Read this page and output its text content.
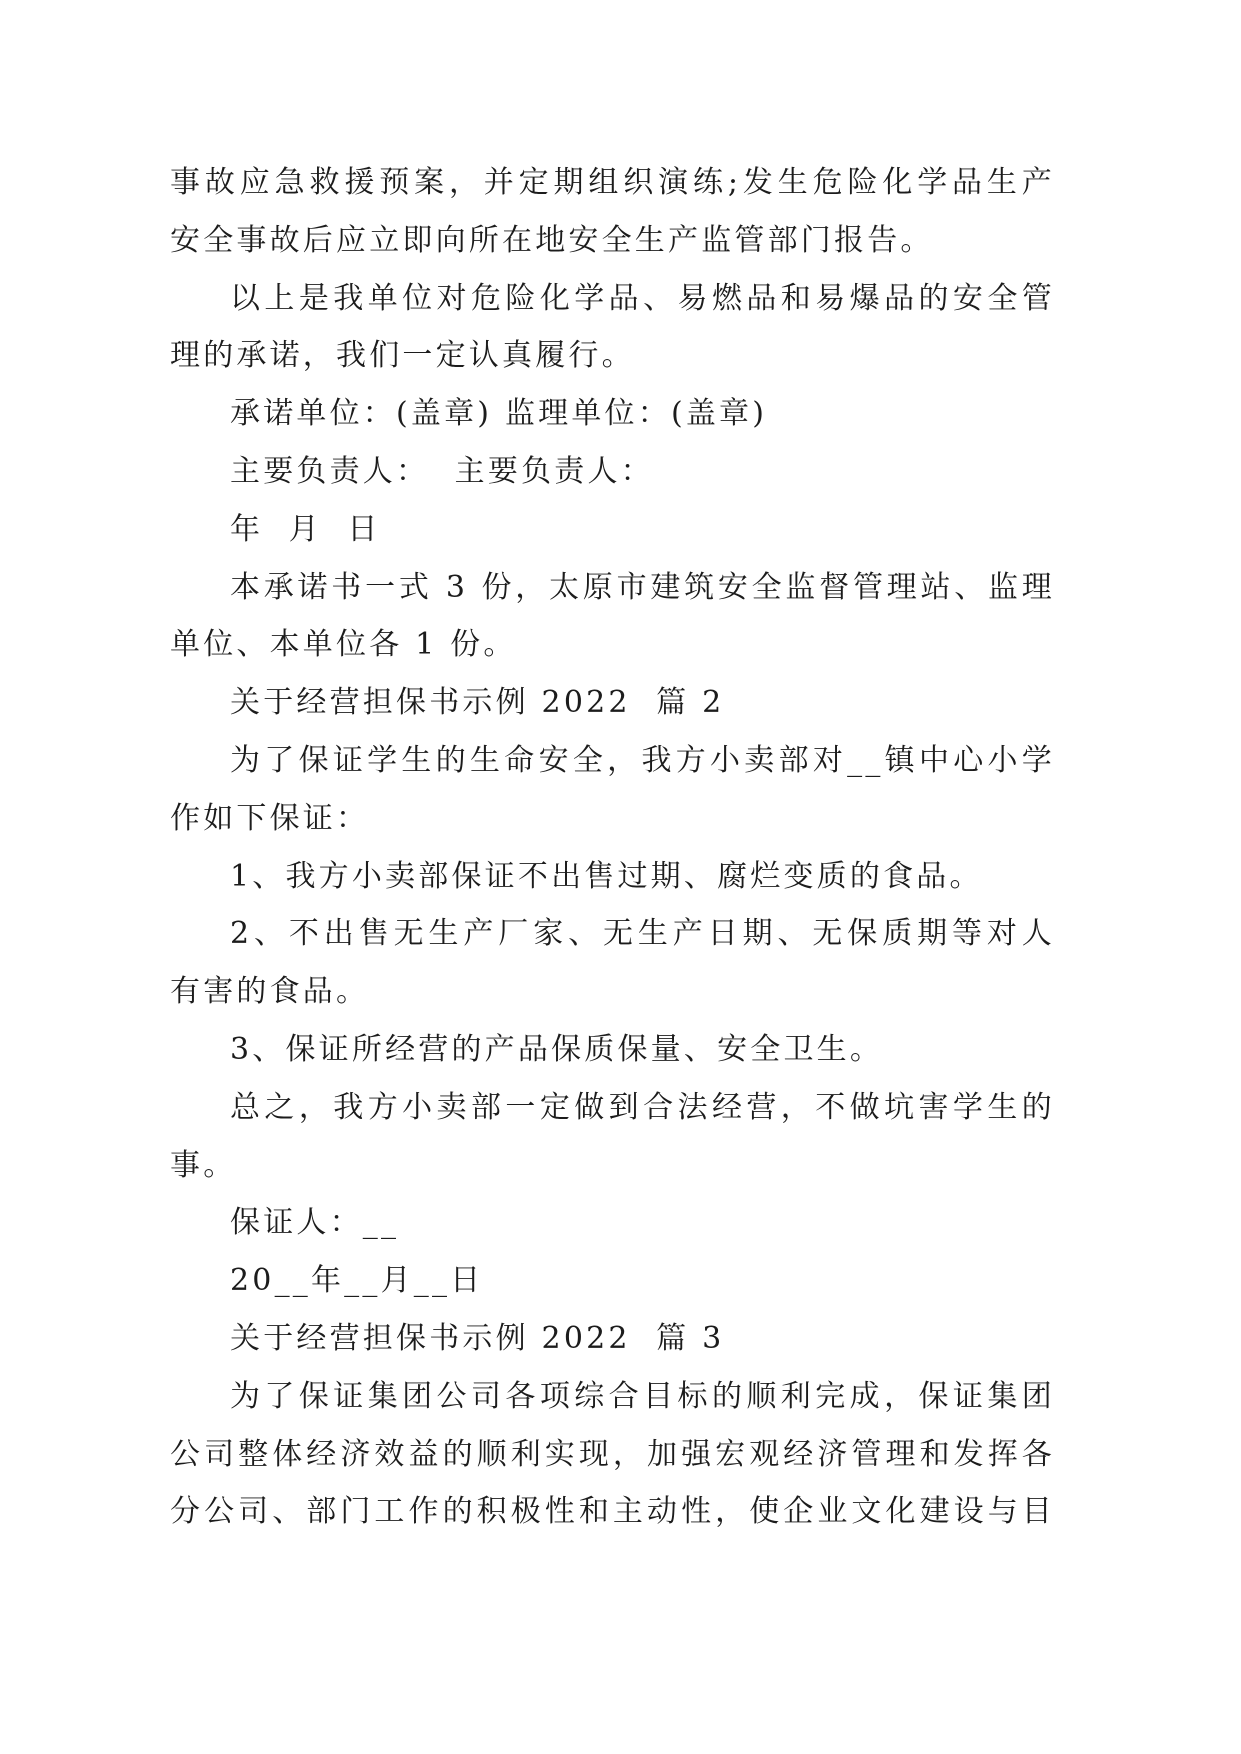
事故应急救援预案，并定期组织演练;发生危险化学品生产
安全事故后应立即向所在地安全生产监管部门报告。
以上是我单位对危险化学品、易燃品和易爆品的安全管
理的承诺，我们一定认真履行。
承诺单位：(盖章) 监理单位：(盖章)
主要负责人：  主要负责人：
年  月  日
本承诺书一式 3 份，太原市建筑安全监督管理站、监理
单位、本单位各 1 份。
关于经营担保书示例 2022  篇 2
为了保证学生的生命安全，我方小卖部对__镇中心小学
作如下保证：
1、我方小卖部保证不出售过期、腐烂变质的食品。
2、不出售无生产厂家、无生产日期、无保质期等对人
有害的食品。
3、保证所经营的产品保质保量、安全卫生。
总之，我方小卖部一定做到合法经营，不做坑害学生的
事。
保证人：__
20__年__月__日
关于经营担保书示例 2022  篇 3
为了保证集团公司各项综合目标的顺利完成，保证集团
公司整体经济效益的顺利实现，加强宏观经济管理和发挥各
分公司、部门工作的积极性和主动性，使企业文化建设与目
